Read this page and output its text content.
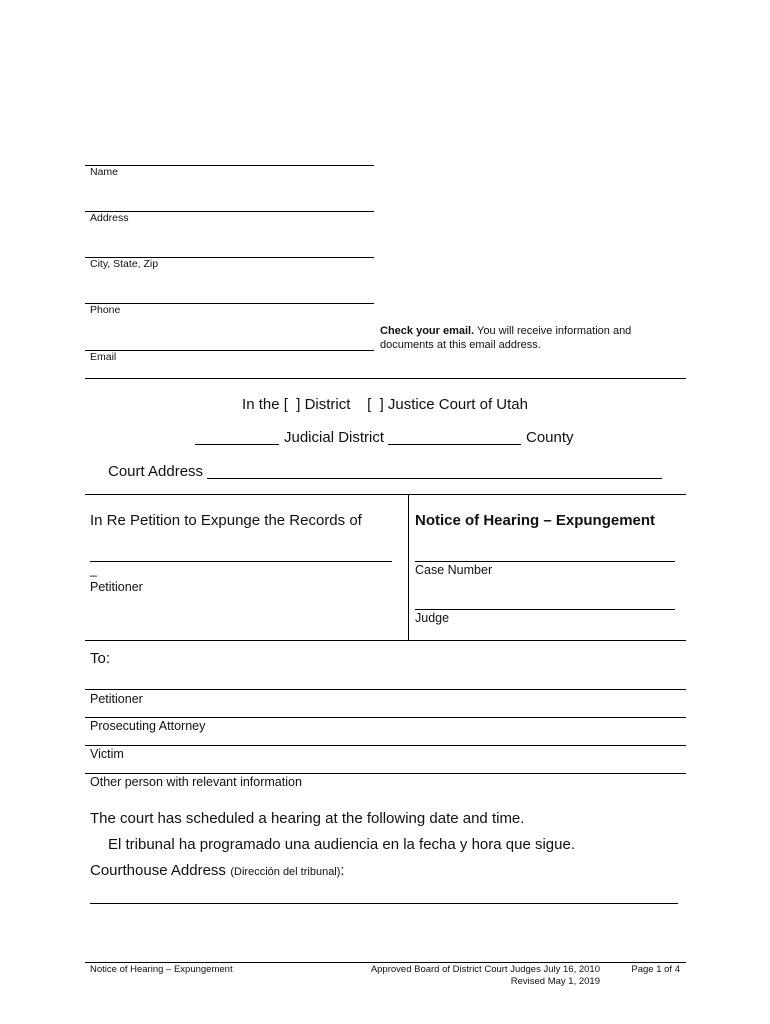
Name
Address
City, State, Zip
Phone
Email
Check your email. You will receive information and documents at this email address.
In the [  ] District    [  ] Justice Court of Utah
Judicial District	County
Court Address
In Re Petition to Expunge the Records of
_
Petitioner
Notice of Hearing – Expungement
Case Number
Judge
To:
Petitioner
Prosecuting Attorney
Victim
Other person with relevant information
The court has scheduled a hearing at the following date and time.
El tribunal ha programado una audiencia en la fecha y hora que sigue.
Courthouse Address (Dirección del tribunal):
Notice of Hearing – Expungement	Approved Board of District Court Judges July 16, 2010
Revised May 1, 2019
Page 1 of 4
